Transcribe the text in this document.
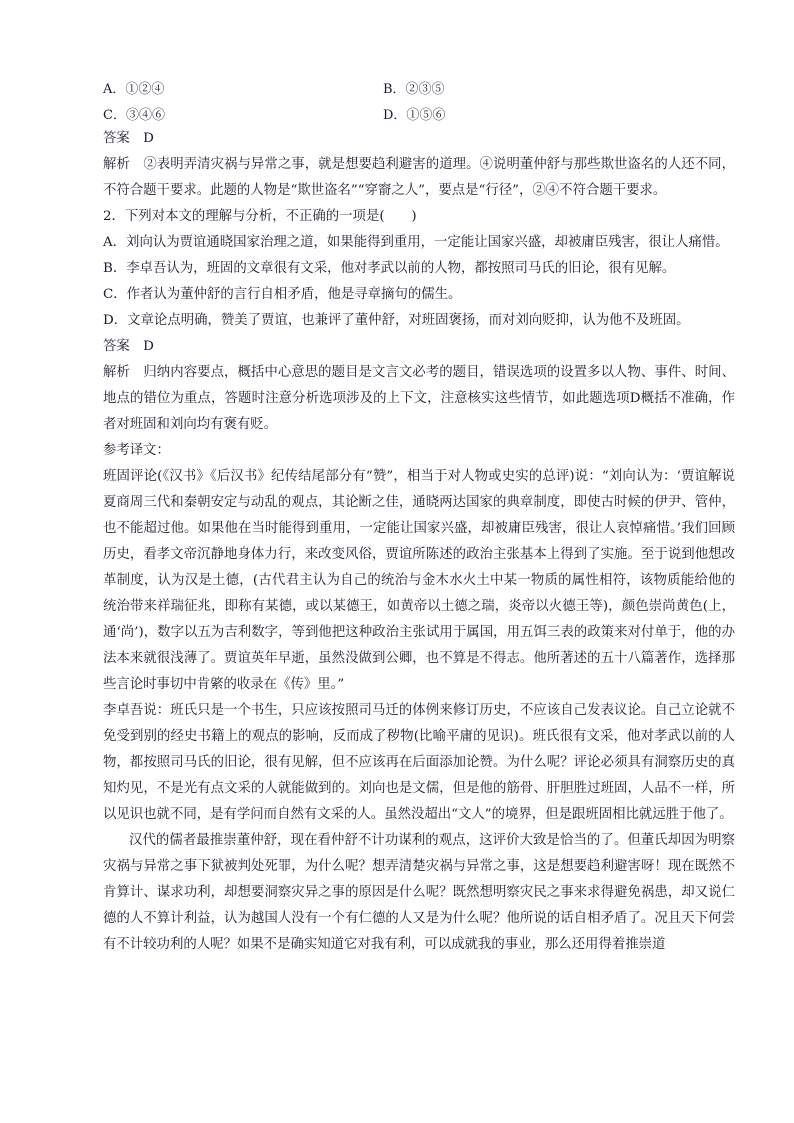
A．①②④	B．②③⑤
C．③④⑥	D．①⑤⑥

答案　D

解析　②表明弄清灾祸与异常之事，就是想要趋利避害的道理。④说明董仲舒与那些欺世盗名的人还不同，不符合题干要求。此题的人物是“欺世盗名”“穿窬之人”，要点是“行径”，②④不符合题干要求。

2．下列对本文的理解与分析，不正确的一项是(　　)

A．刘向认为贾谊通晓国家治理之道，如果能得到重用，一定能让国家兴盛，却被庸臣残害，很让人痛惜。

B．李卓吾认为，班固的文章很有文采，他对孝武以前的人物，都按照司马氏的旧论，很有见解。

C．作者认为董仲舒的言行自相矛盾，他是寻章摘句的儒生。

D．文章论点明确，赞美了贾谊，也兼评了董仲舒，对班固褒扬，而对刘向贬抑，认为他不及班固。

答案　D

解析　归纳内容要点，概括中心意思的题目是文言文必考的题目，错误选项的设置多以人物、事件、时间、地点的错位为重点，答题时注意分析选项涉及的上下文，注意核实这些情节，如此题选项D概括不准确，作者对班固和刘向均有褒有贬。

参考译文：

班固评论(《汉书》《后汉书》纪传结尾部分有“赞”，相当于对人物或史实的总评)说：“刘向认为：‘贾谊解说夏商周三代和秦朝安定与动乱的观点，其论断之佳，通晓两达国家的典章制度，即使古时候的伊尹、管仲，也不能超过他。如果他在当时能得到重用，一定能让国家兴盛，却被庸臣残害，很让人哀悼痛惜。’我们回顾历史，看孝文帝沉静地身体力行，来改变风俗，贾谊所陈述的政治主张基本上得到了实施。至于说到他想改革制度，认为汉是土德，(古代君主认为自己的统治与金木水火土中某一物质的属性相符，该物质能给他的统治带来祥瑞征兆，即称有某德，或以某德王，如黄帝以土德之瑞，炎帝以火德王等)，颜色崇尚黄色(上，通‘尚’)，数字以五为吉利数字，等到他把这种政治主张试用于属国，用五饵三表的政策来对付单于，他的办法本来就很浅薄了。贾谊英年早逝，虽然没做到公卿，也不算是不得志。他所著述的五十八篇著作，选择那些言论时事切中肯綮的收录在《传》里。”

李卓吾说：班氏只是一个书生，只应该按照司马迁的体例来修订历史，不应该自己发表议论。自己立论就不免受到别的经史书籍上的观点的影响，反而成了秽物(比喻平庸的见识)。班氏很有文采，他对孝武以前的人物，都按照司马氏的旧论，很有见解，但不应该再在后面添加论赞。为什么呢？评论必须具有洞察历史的真知灼见，不是光有点文采的人就能做到的。刘向也是文儒，但是他的筋骨、肝胆胜过班固，人品不一样，所以见识也就不同，是有学问而自然有文采的人。虽然没超出“文人”的境界，但是跟班固相比就远胜于他了。

汉代的儒者最推崇董仲舒，现在看仲舒不计功谋利的观点，这评价大致是恰当的了。但董氏却因为明察灾祸与异常之事下狱被判处死罪，为什么呢？想弄清楚灾祸与异常之事，这是想要趋利避害呀！现在既然不肯算计、谋求功利，却想要洞察灾异之事的原因是什么呢？既然想明察灾民之事来求得避免祸患，却又说仁德的人不算计利益，认为越国人没有一个有仁德的人又是为什么呢？他所说的话自相矛盾了。况且天下何尝有不计较功利的人呢？如果不是确实知道它对我有利，可以成就我的事业，那么还用得着推崇道
